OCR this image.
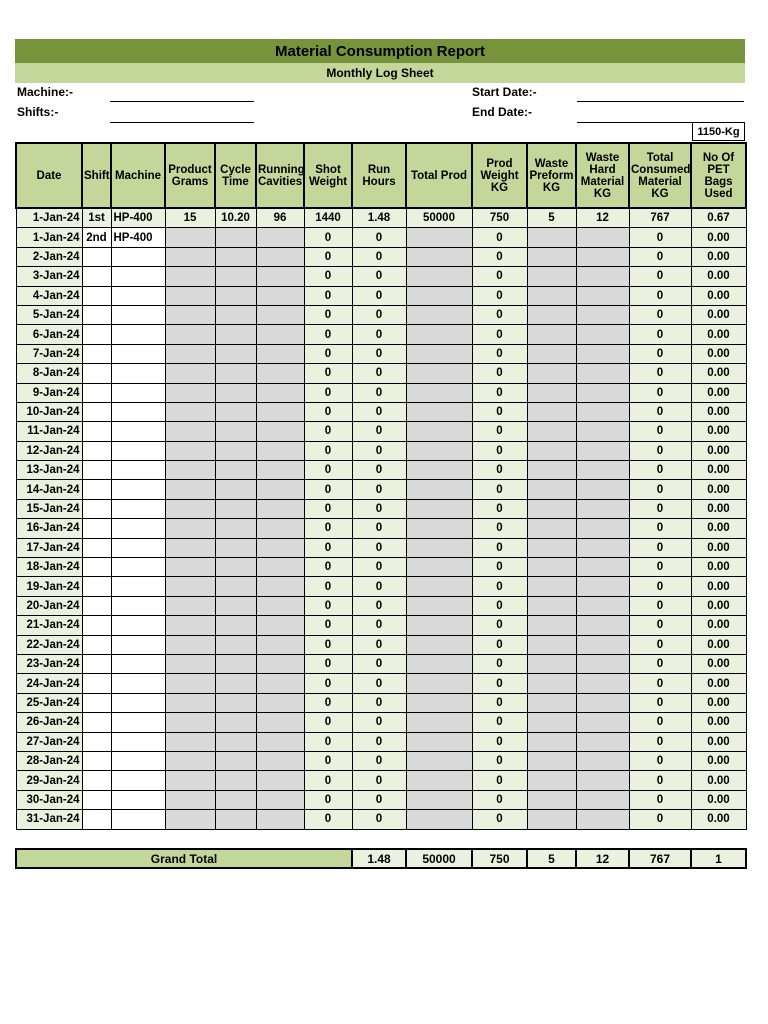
Material Consumption Report
Monthly Log Sheet
Machine:-
Shifts:-
Start Date:-
End Date:-
1150-Kg
Date	Shift	Machine	Product Grams	Cycle Time	Running Cavities	Shot Weight	Run Hours	Total Prod	Prod Weight KG	Waste Preform KG	Waste Hard Material KG	Total Consumed Material KG	No Of PET Bags Used
1-Jan-24	1st	HP-400	15	10.20	96	1440	1.48	50000	750	5	12	767	0.67
1-Jan-24	2nd	HP-400				0	0		0			0	0.00
2-Jan-24						0	0		0			0	0.00
3-Jan-24						0	0		0			0	0.00
4-Jan-24						0	0		0			0	0.00
5-Jan-24						0	0		0			0	0.00
6-Jan-24						0	0		0			0	0.00
7-Jan-24						0	0		0			0	0.00
8-Jan-24						0	0		0			0	0.00
9-Jan-24						0	0		0			0	0.00
10-Jan-24						0	0		0			0	0.00
11-Jan-24						0	0		0			0	0.00
12-Jan-24						0	0		0			0	0.00
13-Jan-24						0	0		0			0	0.00
14-Jan-24						0	0		0			0	0.00
15-Jan-24						0	0		0			0	0.00
16-Jan-24						0	0		0			0	0.00
17-Jan-24						0	0		0			0	0.00
18-Jan-24						0	0		0			0	0.00
19-Jan-24						0	0		0			0	0.00
20-Jan-24						0	0		0			0	0.00
21-Jan-24						0	0		0			0	0.00
22-Jan-24						0	0		0			0	0.00
23-Jan-24						0	0		0			0	0.00
24-Jan-24						0	0		0			0	0.00
25-Jan-24						0	0		0			0	0.00
26-Jan-24						0	0		0			0	0.00
27-Jan-24						0	0		0			0	0.00
28-Jan-24						0	0		0			0	0.00
29-Jan-24						0	0		0			0	0.00
30-Jan-24						0	0		0			0	0.00
31-Jan-24						0	0		0			0	0.00
Grand Total	1.48	50000	750	5	12	767	1
